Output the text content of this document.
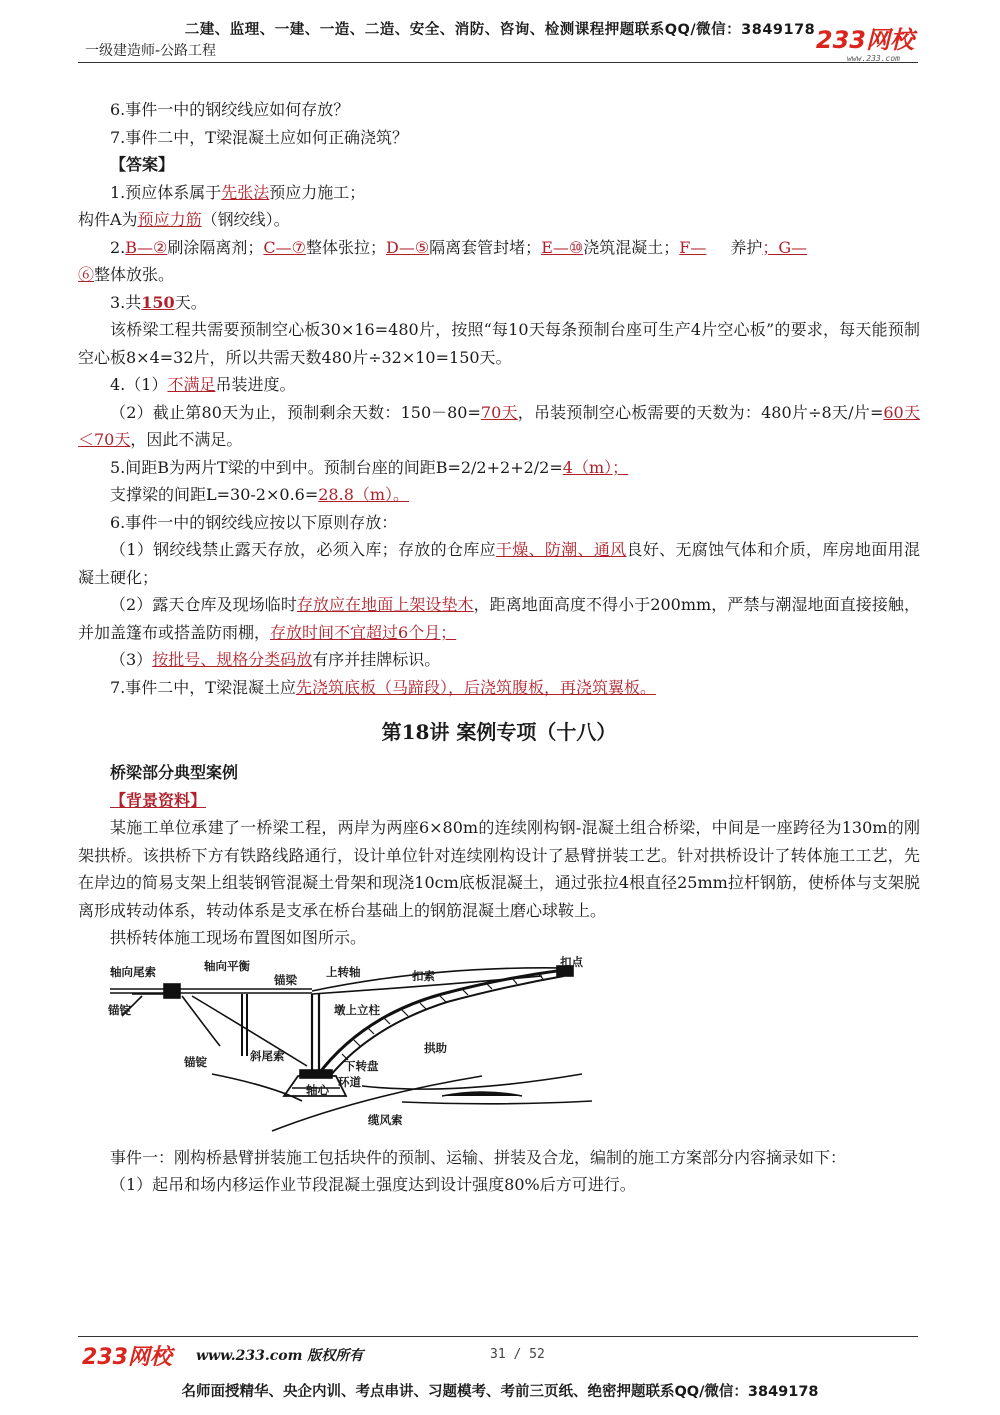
二建、监理、一建、一造、二造、安全、消防、咨询、检测课程押题联系QQ/微信：3849178
一级建造师-公路工程	233网校
www.233.com
6.事件一中的钢绞线应如何存放？
7.事件二中，T梁混凝土应如何正确浇筑？
【答案】
1.预应体系属于先张法预应力施工；
构件A为预应力筋（钢绞线）。
2.B—②刷涂隔离剂；C—⑦整体张拉；D—⑤隔离套管封堵；E—⑩浇筑混凝土；F—   养护；G—
⑥整体放张。
3.共150天。
该桥梁工程共需要预制空心板30×16=480片，按照“每10天每条预制台座可生产4片空心板”的要求，每天能预制空心板8×4=32片，所以共需天数480片÷32×10=150天。
4.（1）不满足吊装进度。
（2）截止第80天为止，预制剩余天数：150－80=70天，吊装预制空心板需要的天数为：480片÷8天/片=60天＜70天，因此不满足。
5.间距B为两片T梁的中到中。预制台座的间距B=2/2+2+2/2=4（m）；
支撑梁的间距L=30-2×0.6=28.8（m）。
6.事件一中的钢绞线应按以下原则存放：
（1）钢绞线禁止露天存放，必须入库；存放的仓库应干燥、防潮、通风良好、无腐蚀气体和介质，库房地面用混凝土硬化；
（2）露天仓库及现场临时存放应在地面上架设垫木，距离地面高度不得小于200mm，严禁与潮湿地面直接接触，并加盖篷布或搭盖防雨棚，存放时间不宜超过6个月；
（3）按批号、规格分类码放有序并挂牌标识。
7.事件二中，T梁混凝土应先浇筑底板（马蹄段），后浇筑腹板，再浇筑翼板。
第18讲 案例专项（十八）
桥梁部分典型案例
【背景资料】
某施工单位承建了一桥梁工程，两岸为两座6×80m的连续刚构钢-混凝土组合桥梁，中间是一座跨径为130m的刚架拱桥。该拱桥下方有铁路线路通行，设计单位针对连续刚构设计了悬臂拼装工艺。针对拱桥设计了转体施工工艺，先在岸边的简易支架上组装钢管混凝土骨架和现浇10cm底板混凝土，通过张拉4根直径25mm拉杆钢筋，使桥体与支架脱离形成转动体系，转动体系是支承在桥台基础上的钢筋混凝土磨心球鞍上。
拱桥转体施工现场布置图如图所示。
轴向尾索	轴向平衡
锚梁
上转轴	扣索
扣点
锚锭	墩上立柱
拱助
锚锭	斜尾索
下转盘
环道
轴心
缆风索
事件一：刚构桥悬臂拼装施工包括块件的预制、运输、拼装及合龙，编制的施工方案部分内容摘录如下：
（1）起吊和场内移运作业节段混凝土强度达到设计强度80%后方可进行。
233网校 www.233.com 版权所有	31 / 52
名师面授精华、央企内训、考点串讲、习题模考、考前三页纸、绝密押题联系QQ/微信：3849178
